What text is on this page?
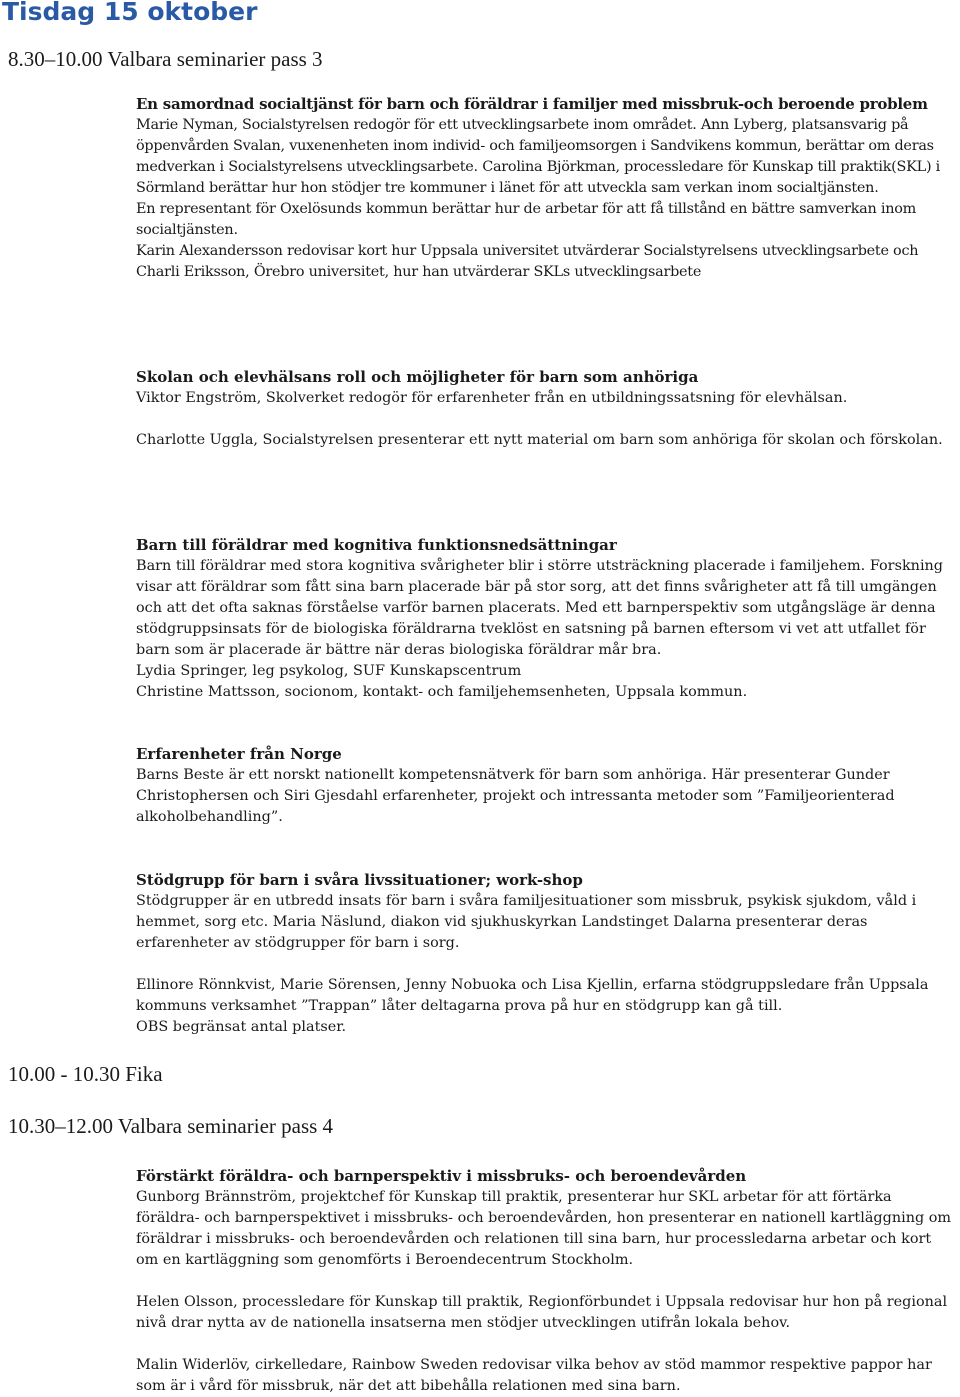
Tisdag 15 oktober
8.30–10.00 Valbara seminarier pass 3
En samordnad socialtjänst för barn och föräldrar i familjer med missbruk-och beroende problem

Marie Nyman, Socialstyrelsen redogör för ett utvecklingsarbete inom området. Ann Lyberg, platsansvarig på öppenvården Svalan, vuxenenheten inom individ- och familjeomsorgen i Sandvikens kommun, berättar om deras medverkan i Socialstyrelsens utvecklingsarbete. Carolina Björkman, processledare för Kunskap till praktik(SKL) i Sörmland berättar hur hon stödjer tre kommuner i länet för att utveckla sam verkan inom socialtjänsten.

En representant för Oxelösunds kommun berättar hur de arbetar för att få tillstånd en bättre samverkan inom socialtjänsten.

Karin Alexandersson redovisar kort hur Uppsala universitet utvärderar Socialstyrelsens utvecklingsarbete och Charli Eriksson, Örebro universitet, hur han utvärderar SKLs utvecklingsarbete

Skolan och elevhälsans roll och möjligheter för barn som anhöriga

Viktor Engström, Skolverket redogör för erfarenheter från en utbildningssatsning för elevhälsan.

Charlotte Uggla, Socialstyrelsen presenterar ett nytt material om barn som anhöriga för skolan och förskolan.

Barn till föräldrar med kognitiva funktionsnedsättningar

Barn till föräldrar med stora kognitiva svårigheter blir i större utsträckning placerade i familjehem. Forskning visar att föräldrar som fått sina barn placerade bär på stor sorg, att det finns svårigheter att få till umgängen och att det ofta saknas förståelse varför barnen placerats. Med ett barnperspektiv som utgångsläge är denna stödgruppsinsats för de biologiska föräldrarna tveklöst en satsning på barnen eftersom vi vet att utfallet för barn som är placerade är bättre när deras biologiska föräldrar mår bra.

Lydia Springer, leg psykolog, SUF Kunskapscentrum

Christine Mattsson, socionom, kontakt- och familjehemsenheten, Uppsala kommun.

Erfarenheter från Norge

Barns Beste är ett norskt nationellt kompetensnätverk för barn som anhöriga. Här presenterar Gunder Christophersen och Siri Gjesdahl erfarenheter, projekt och intressanta metoder som ”Familjeorienterad alkoholbehandling”.

Stödgrupp för barn i svåra livssituationer; work-shop

Stödgrupper är en utbredd insats för barn i svåra familjesituationer som missbruk, psykisk sjukdom, våld i hemmet, sorg etc. Maria Näslund, diakon vid sjukhuskyrkan Landstinget Dalarna presenterar deras erfarenheter av stödgrupper för barn i sorg.

Ellinore Rönnkvist, Marie Sörensen, Jenny Nobuoka och Lisa Kjellin, erfarna stödgruppsledare från Uppsala kommuns verksamhet ”Trappan” låter deltagarna prova på hur en stödgrupp kan gå till.

OBS begränsat antal platser.

10.00 - 10.30 Fika
10.30–12.00 Valbara seminarier pass 4
Förstärkt föräldra- och barnperspektiv i missbruks- och beroendevården

Gunborg Brännström, projektchef för Kunskap till praktik, presenterar hur SKL arbetar för att förtärka föräldra- och barnperspektivet i missbruks- och beroendevården, hon presenterar en nationell kartläggning om föräldrar i missbruks- och beroendevården och relationen till sina barn, hur processledarna arbetar och kort om en kartläggning som genomförts i Beroendecentrum Stockholm.

Helen Olsson, processledare för Kunskap till praktik, Regionförbundet i Uppsala redovisar hur hon på regional nivå drar nytta av de nationella insatserna men stödjer utvecklingen utifrån lokala behov.

Malin Widerlöv, cirkelledare, Rainbow Sweden redovisar vilka behov av stöd mammor respektive pappor har som är i vård för missbruk, när det att bibehålla relationen med sina barn.
